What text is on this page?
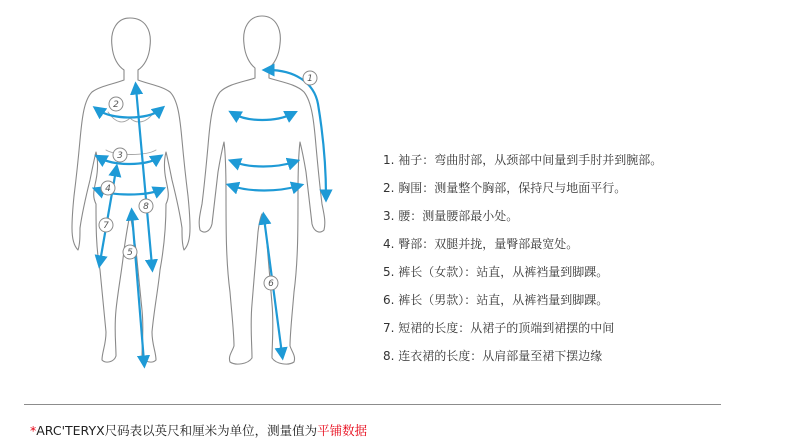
1
2
3
4
5
6
7
8
1. 袖子：弯曲肘部，从颈部中间量到手肘并到腕部。
2. 胸围：测量整个胸部，保持尺与地面平行。
3. 腰：测量腰部最小处。
4. 臀部：双腿并拢，量臀部最宽处。
5. 裤长（女款）：站直，从裤裆量到脚踝。
6. 裤长（男款）：站直，从裤裆量到脚踝。
7. 短裙的长度：从裙子的顶端到裙摆的中间
8. 连衣裙的长度：从肩部量至裙下摆边缘
*ARC'TERYX尺码表以英尺和厘米为单位，测量值为平铺数据
